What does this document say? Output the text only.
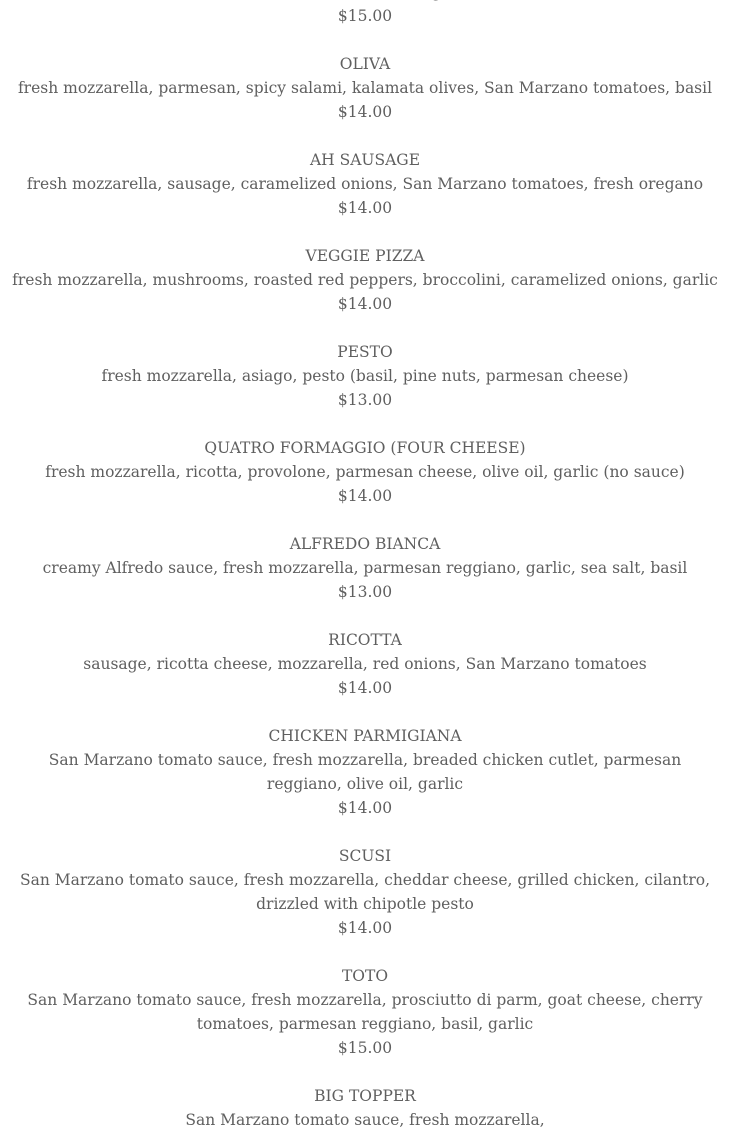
$15.00
OLIVA
fresh mozzarella, parmesan, spicy salami, kalamata olives, San Marzano tomatoes, basil
$14.00
AH SAUSAGE
fresh mozzarella, sausage, caramelized onions, San Marzano tomatoes, fresh oregano
$14.00
VEGGIE PIZZA
fresh mozzarella, mushrooms, roasted red peppers, broccolini, caramelized onions, garlic
$14.00
PESTO
fresh mozzarella, asiago, pesto (basil, pine nuts, parmesan cheese)
$13.00
QUATRO FORMAGGIO (FOUR CHEESE)
fresh mozzarella, ricotta, provolone, parmesan cheese, olive oil, garlic (no sauce)
$14.00
ALFREDO BIANCA
creamy Alfredo sauce, fresh mozzarella, parmesan reggiano, garlic, sea salt, basil
$13.00
RICOTTA
sausage, ricotta cheese, mozzarella, red onions, San Marzano tomatoes
$14.00
CHICKEN PARMIGIANA
San Marzano tomato sauce, fresh mozzarella, breaded chicken cutlet, parmesan reggiano, olive oil, garlic
$14.00
SCUSI
San Marzano tomato sauce, fresh mozzarella, cheddar cheese, grilled chicken, cilantro, drizzled with chipotle pesto
$14.00
TOTO
San Marzano tomato sauce, fresh mozzarella, prosciutto di parm, goat cheese, cherry tomatoes, parmesan reggiano, basil, garlic
$15.00
BIG TOPPER
San Marzano tomato sauce, fresh mozzarella,
